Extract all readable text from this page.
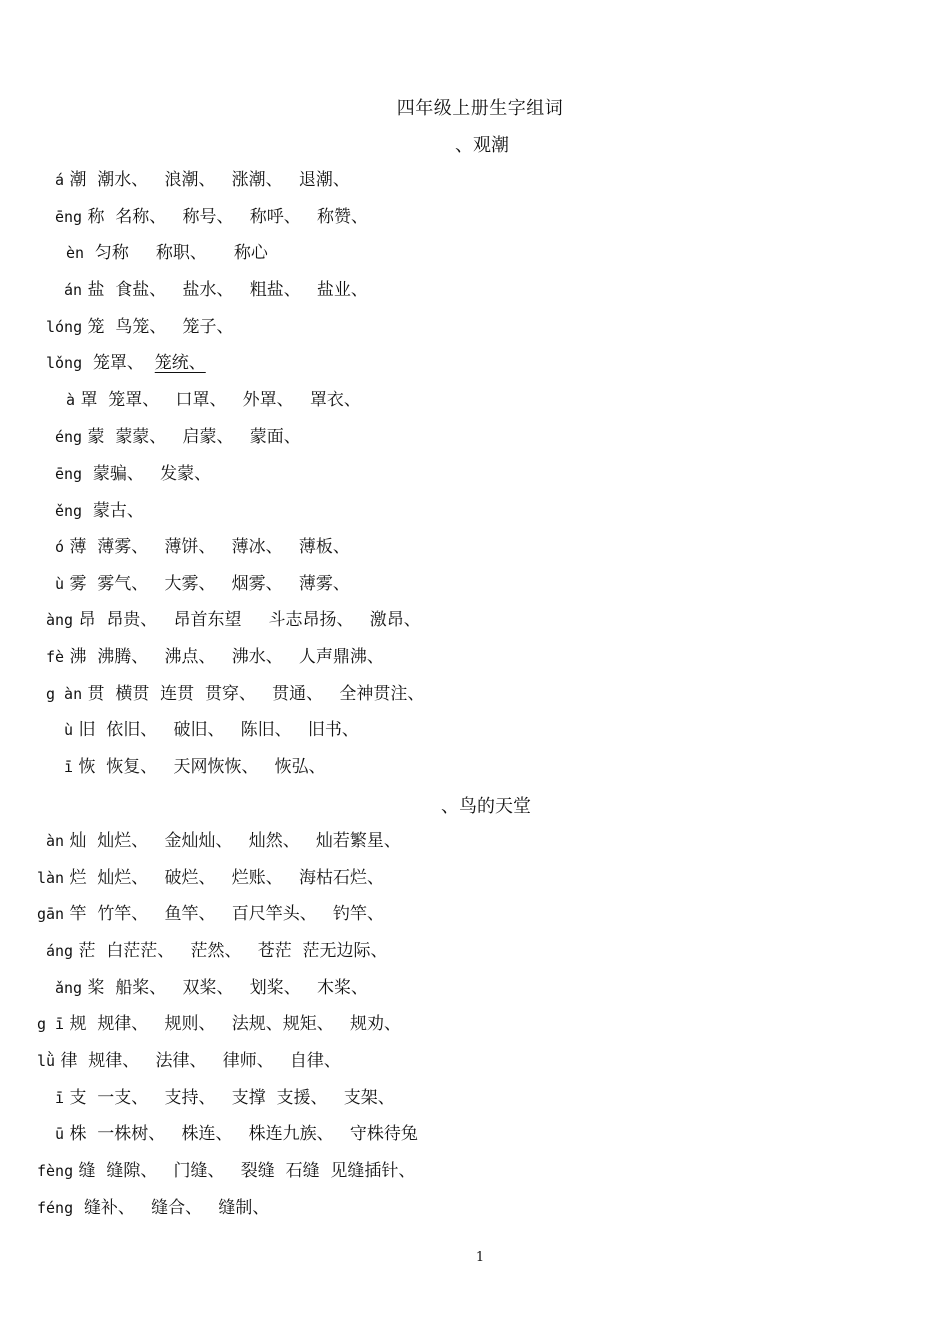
四年级上册生字组词
、观潮
á 潮 潮水、   浪潮、   涨潮、   退潮、
ēng 称 名称、   称号、   称呼、   称赞、
èn 匀称     称职、     称心
án 盐 食盐、   盐水、   粗盐、   盐业、
lóng 笼 鸟笼、   笼子、
lǒng 笼罩、 笼统、
à 罩 笼罩、   口罩、   外罩、   罩衣、
éng 蒙 蒙蒙、   启蒙、   蒙面、
ēng 蒙骗、   发蒙、
ěng 蒙古、
ó 薄 薄雾、   薄饼、   薄冰、   薄板、
ù 雾 雾气、   大雾、   烟雾、   薄雾、
àng 昂 昂贵、   昂首东望     斗志昂扬、   激昂、
fè 沸 沸腾、   沸点、   沸水、   人声鼎沸、
g àn 贯 横贯  连贯  贯穿、   贯通、   全神贯注、
ù 旧 依旧、   破旧、   陈旧、   旧书、
ī 恢 恢复、   天网恢恢、   恢弘、
、鸟的天堂
àn 灿 灿烂、   金灿灿、   灿然、   灿若繁星、
làn 烂 灿烂、   破烂、   烂账、   海枯石烂、
gān 竿 竹竿、   鱼竿、   百尺竿头、   钓竿、
áng 茫 白茫茫、   茫然、   苍茫  茫无边际、
ǎng 桨 船桨、   双桨、   划桨、   木桨、
g ī 规 规律、   规则、   法规、规矩、   规劝、
lǜ 律 规律、   法律、   律师、   自律、
ī 支 一支、   支持、   支撑  支援、   支架、
ū 株 一株树、   株连、   株连九族、   守株待兔
fèng 缝 缝隙、   门缝、   裂缝  石缝  见缝插针、
féng 缝补、   缝合、   缝制、
1
